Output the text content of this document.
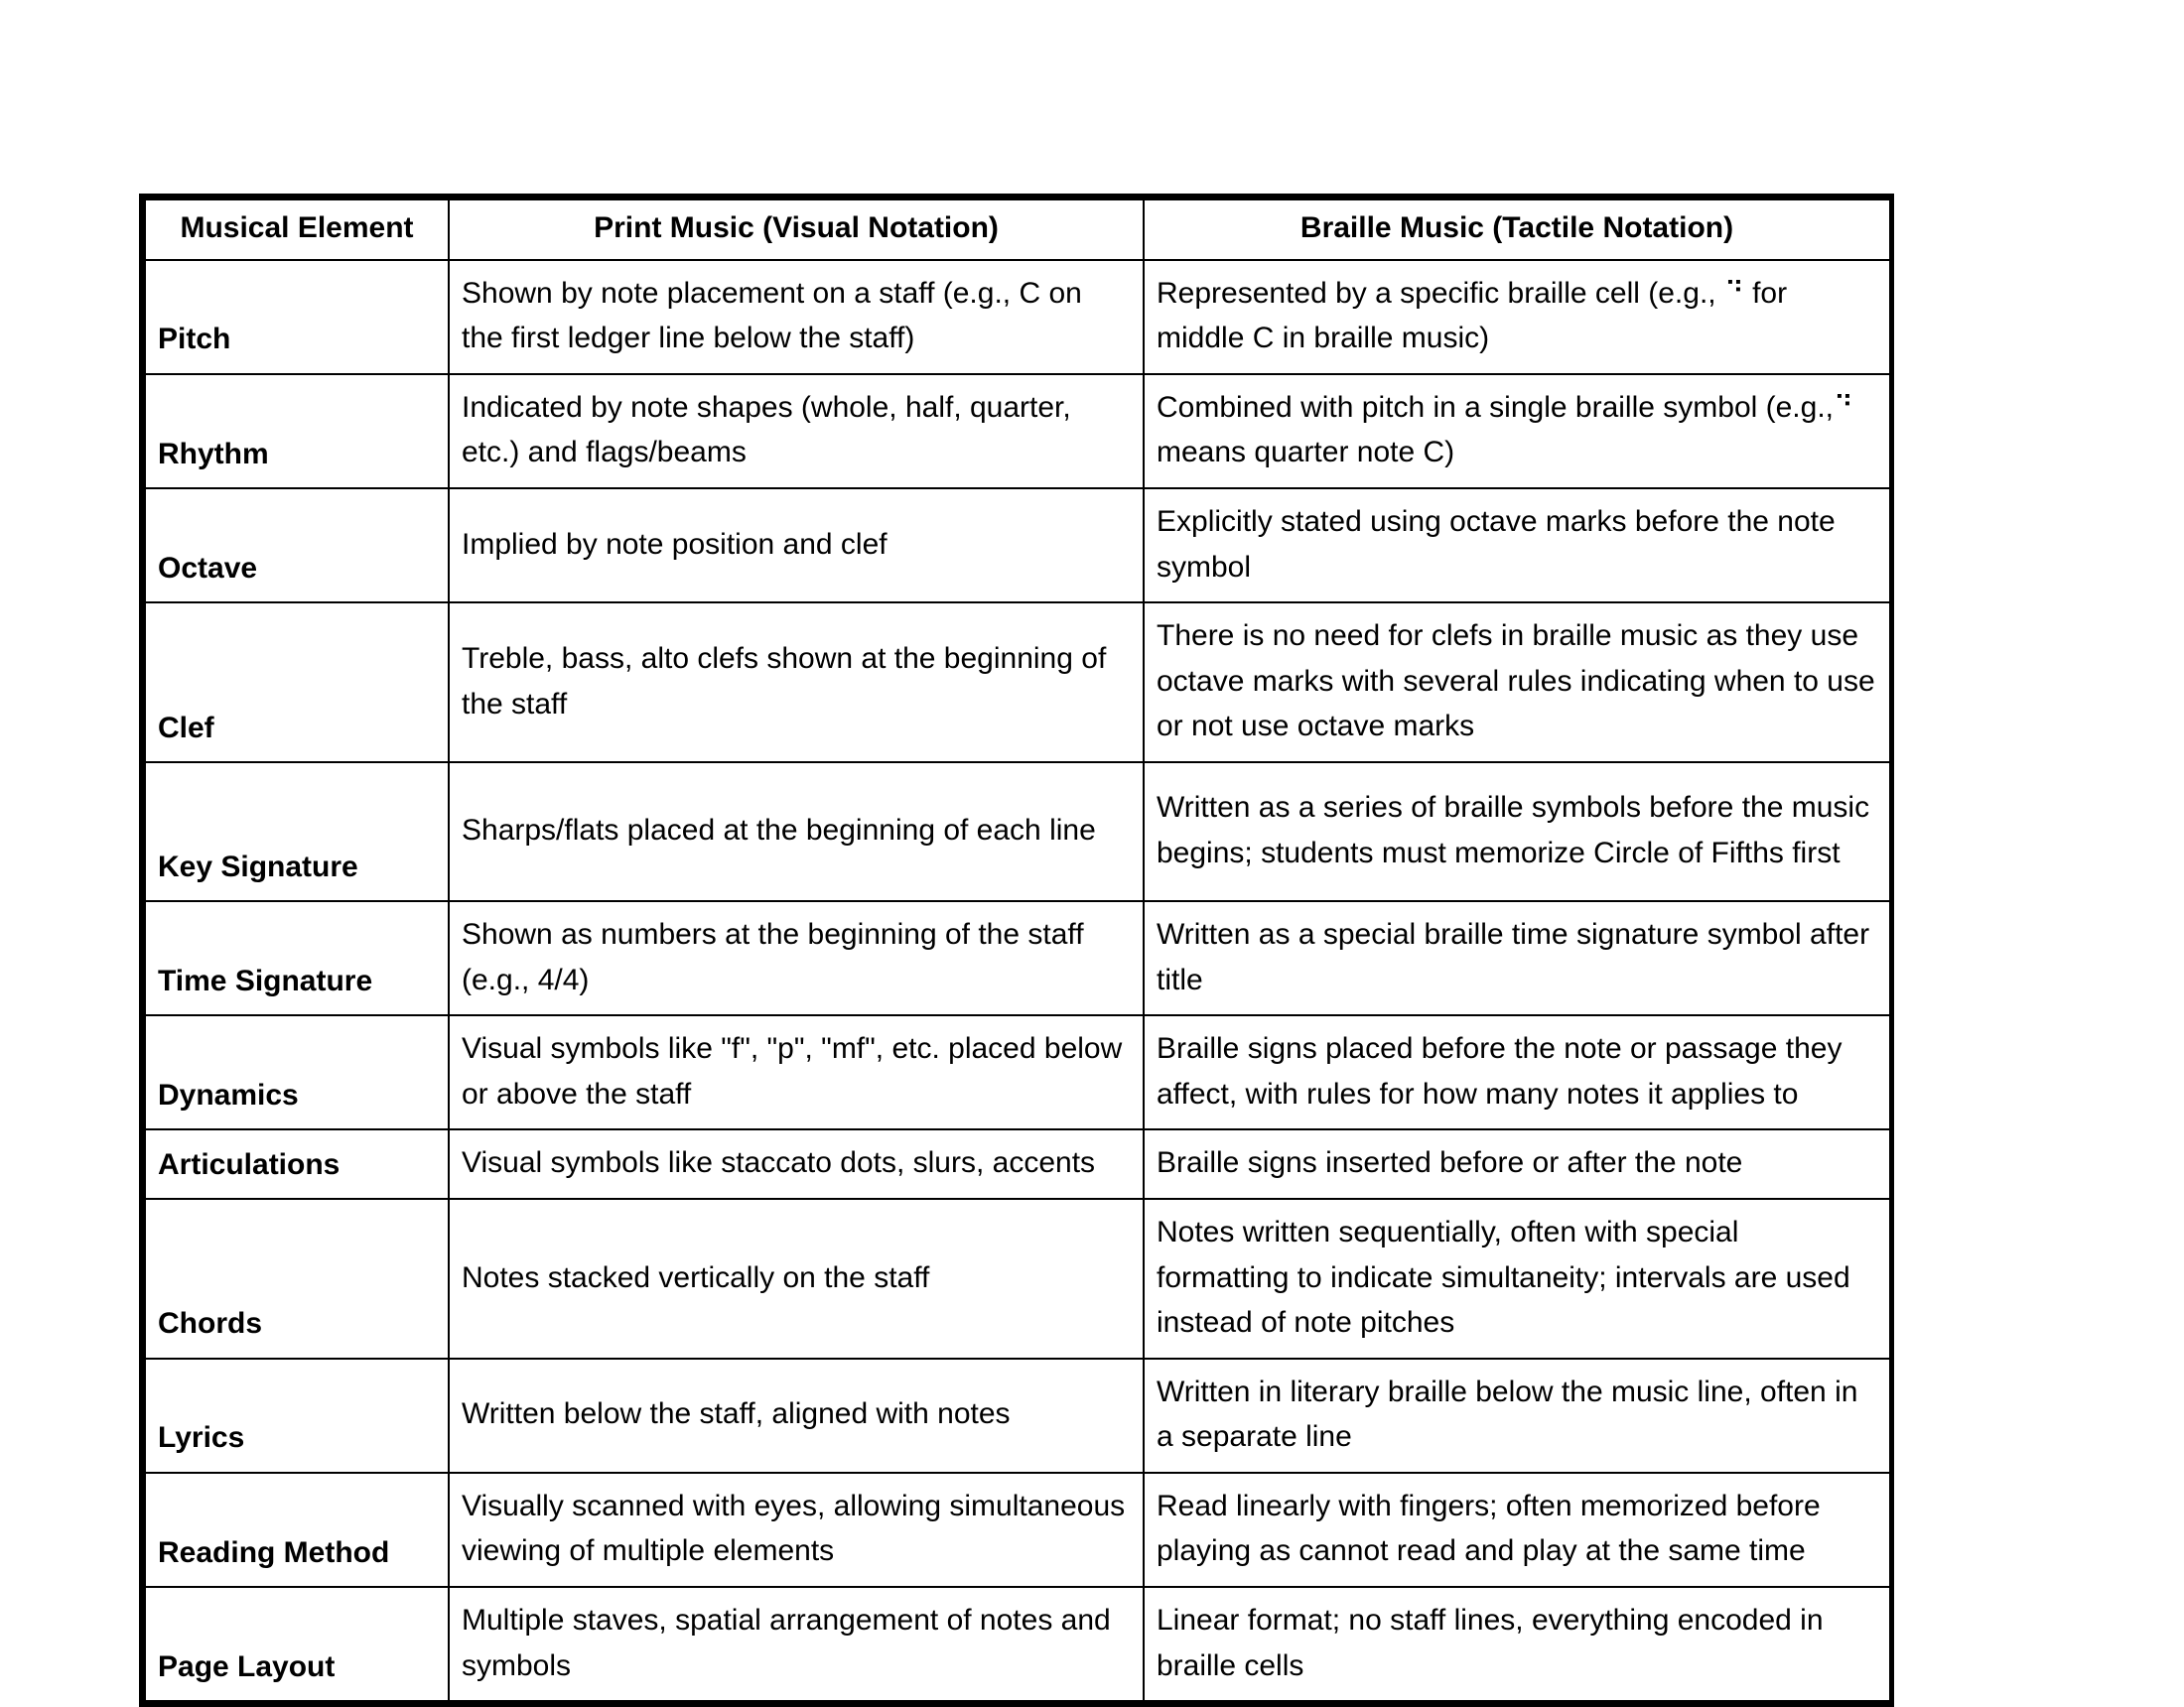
Musical Element	Print Music (Visual Notation)	Braille Music (Tactile Notation)
Pitch	Shown by note placement on a staff (e.g., C on the first ledger line below the staff)	Represented by a specific braille cell (e.g., ⠙ for middle C in braille music)
Rhythm	Indicated by note shapes (whole, half, quarter, etc.) and flags/beams	Combined with pitch in a single braille symbol (e.g.,⠙ means quarter note C)
Octave	Implied by note position and clef	Explicitly stated using octave marks before the note symbol
Clef	Treble, bass, alto clefs shown at the beginning of the staff	There is no need for clefs in braille music as they use octave marks with several rules indicating when to use or not use octave marks
Key Signature	Sharps/flats placed at the beginning of each line	Written as a series of braille symbols before the music begins; students must memorize Circle of Fifths first
Time Signature	Shown as numbers at the beginning of the staff (e.g., 4/4)	Written as a special braille time signature symbol after title
Dynamics	Visual symbols like "f", "p", "mf", etc. placed below or above the staff	Braille signs placed before the note or passage they affect, with rules for how many notes it applies to
Articulations	Visual symbols like staccato dots, slurs, accents	Braille signs inserted before or after the note
Chords	Notes stacked vertically on the staff	Notes written sequentially, often with special formatting to indicate simultaneity; intervals are used instead of note pitches
Lyrics	Written below the staff, aligned with notes	Written in literary braille below the music line, often in a separate line
Reading Method	Visually scanned with eyes, allowing simultaneous viewing of multiple elements	Read linearly with fingers; often memorized before playing as cannot read and play at the same time
Page Layout	Multiple staves, spatial arrangement of notes and symbols	Linear format; no staff lines, everything encoded in braille cells
